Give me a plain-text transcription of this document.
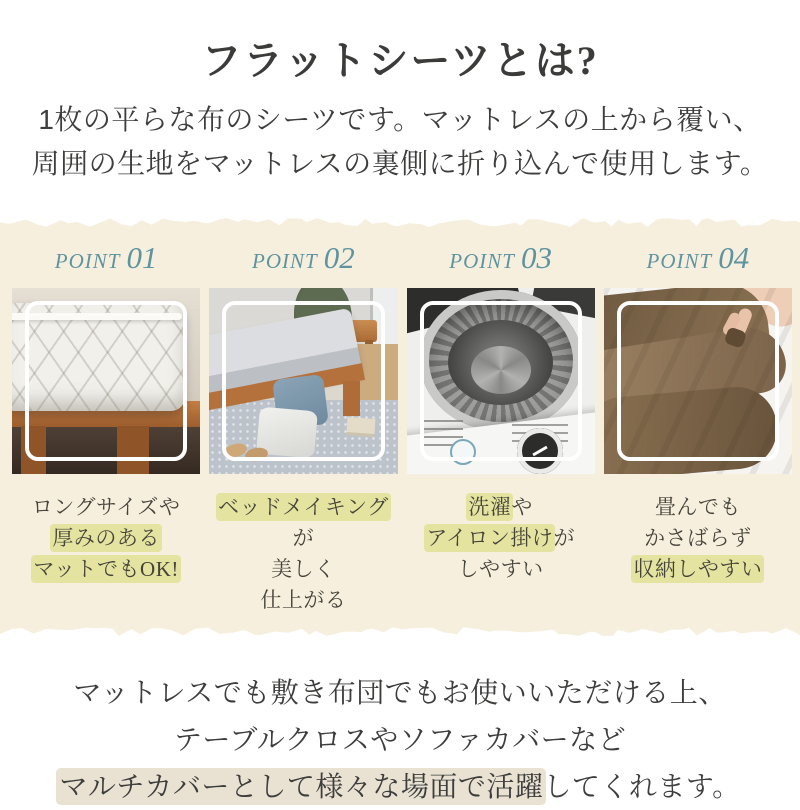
フラットシーツとは?

1枚の平らな布のシーツです。マットレスの上から覆い、
周囲の生地をマットレスの裏側に折り込んで使用します。

POINT 01
ロングサイズや
厚みのある
マットでもOK!
POINT 02
ベッドメイキングが
美しく
仕上がる
POINT 03
洗濯や
アイロン掛けが
しやすい
POINT 04
畳んでも
かさばらず
収納しやすい
マットレスでも敷き布団でもお使いいただける上、
テーブルクロスやソファカバーなど
マルチカバーとして様々な場面で活躍してくれます。
